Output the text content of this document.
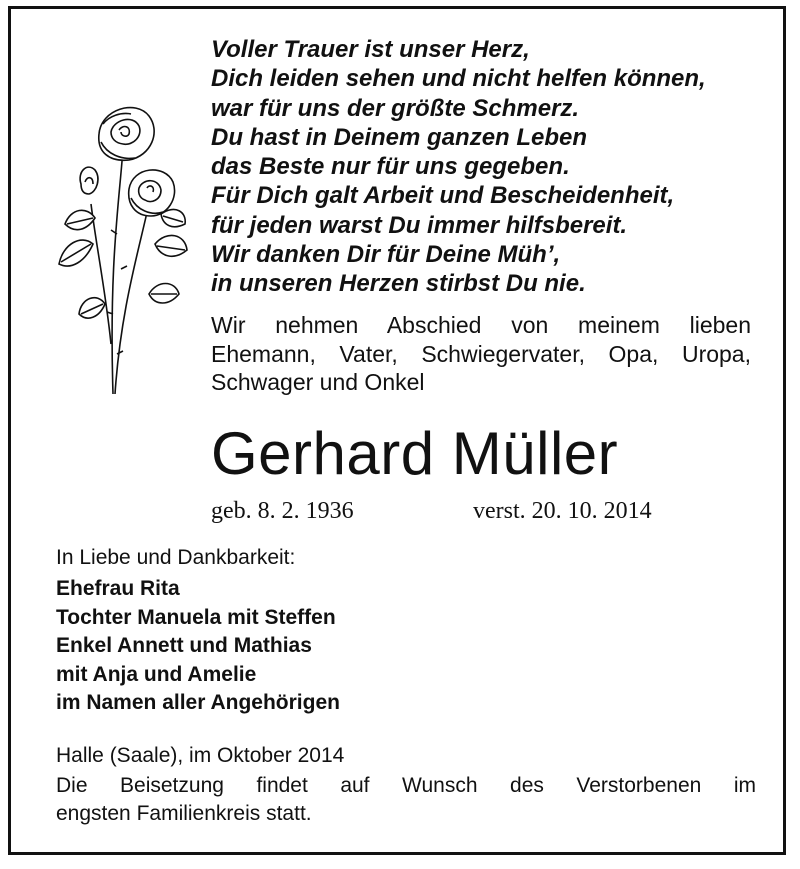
Voller Trauer ist unser Herz,
Dich leiden sehen und nicht helfen können,
war für uns der größte Schmerz.
Du hast in Deinem ganzen Leben
das Beste nur für uns gegeben.
Für Dich galt Arbeit und Bescheidenheit,
für jeden warst Du immer hilfsbereit.
Wir danken Dir für Deine Müh’,
in unseren Herzen stirbst Du nie.
Wir nehmen Abschied von meinem lieben
Ehemann, Vater, Schwiegervater, Opa, Uropa,
Schwager und Onkel
Gerhard Müller
geb. 8. 2. 1936	verst. 20. 10. 2014
In Liebe und Dankbarkeit:
Ehefrau Rita
Tochter Manuela mit Steffen
Enkel Annett und Mathias
mit Anja und Amelie
im Namen aller Angehörigen
Halle (Saale), im Oktober 2014
Die Beisetzung findet auf Wunsch des Verstorbenen im
engsten Familienkreis statt.
